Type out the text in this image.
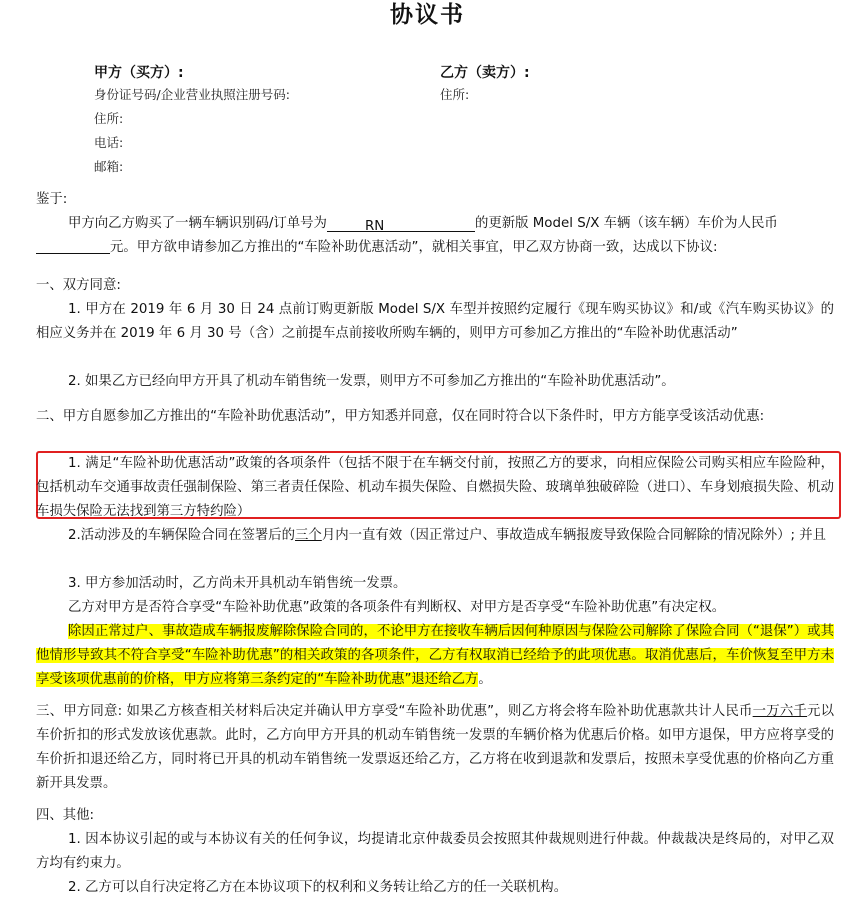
协议书
甲方（买方）:
身份证号码/企业营业执照注册号码:
住所:
电话:
邮箱:
乙方（卖方）:
住所:
鉴于:
甲方向乙方购买了一辆车辆识别码/订单号为	RN	的更新版 Model S/X 车辆（该车辆）车价为人民币
元。甲方欲申请参加乙方推出的“车险补助优惠活动”，就相关事宜，甲乙双方协商一致，达成以下协议:
一、双方同意:
1. 甲方在 2019 年 6 月 30 日 24 点前订购更新版 Model S/X 车型并按照约定履行《现车购买协议》和/或《汽车购买协议》的相应义务并在 2019 年 6 月 30 号（含）之前提车点前接收所购车辆的，则甲方可参加乙方推出的“车险补助优惠活动”
2. 如果乙方已经向甲方开具了机动车销售统一发票，则甲方不可参加乙方推出的“车险补助优惠活动”。
二、甲方自愿参加乙方推出的“车险补助优惠活动”，甲方知悉并同意，仅在同时符合以下条件时，甲方方能享受该活动优惠:
1. 满足“车险补助优惠活动”政策的各项条件（包括不限于在车辆交付前，按照乙方的要求，向相应保险公司购买相应车险险种，包括机动车交通事故责任强制保险、第三者责任保险、机动车损失保险、自燃损失险、玻璃单独破碎险（进口）、车身划痕损失险、机动车损失保险无法找到第三方特约险）
2.活动涉及的车辆保险合同在签署后的三个月内一直有效（因正常过户、事故造成车辆报废导致保险合同解除的情况除外）; 并且
3. 甲方参加活动时，乙方尚未开具机动车销售统一发票。
乙方对甲方是否符合享受“车险补助优惠”政策的各项条件有判断权、对甲方是否享受“车险补助优惠”有决定权。
除因正常过户、事故造成车辆报废解除保险合同的，不论甲方在接收车辆后因何种原因与保险公司解除了保险合同（“退保”）或其他情形导致其不符合享受“车险补助优惠”的相关政策的各项条件，乙方有权取消已经给予的此项优惠。取消优惠后，车价恢复至甲方未享受该项优惠前的价格，甲方应将第三条约定的“车险补助优惠”退还给乙方。
三、甲方同意: 如果乙方核查相关材料后决定并确认甲方享受“车险补助优惠”，则乙方将会将车险补助优惠款共计人民币一万六千元以车价折扣的形式发放该优惠款。此时，乙方向甲方开具的机动车销售统一发票的车辆价格为优惠后价格。如甲方退保，甲方应将享受的车价折扣退还给乙方，同时将已开具的机动车销售统一发票返还给乙方，乙方将在收到退款和发票后，按照未享受优惠的价格向乙方重新开具发票。
四、其他:
1. 因本协议引起的或与本协议有关的任何争议，均提请北京仲裁委员会按照其仲裁规则进行仲裁。仲裁裁决是终局的，对甲乙双方均有约束力。
2. 乙方可以自行决定将乙方在本协议项下的权利和义务转让给乙方的任一关联机构。
